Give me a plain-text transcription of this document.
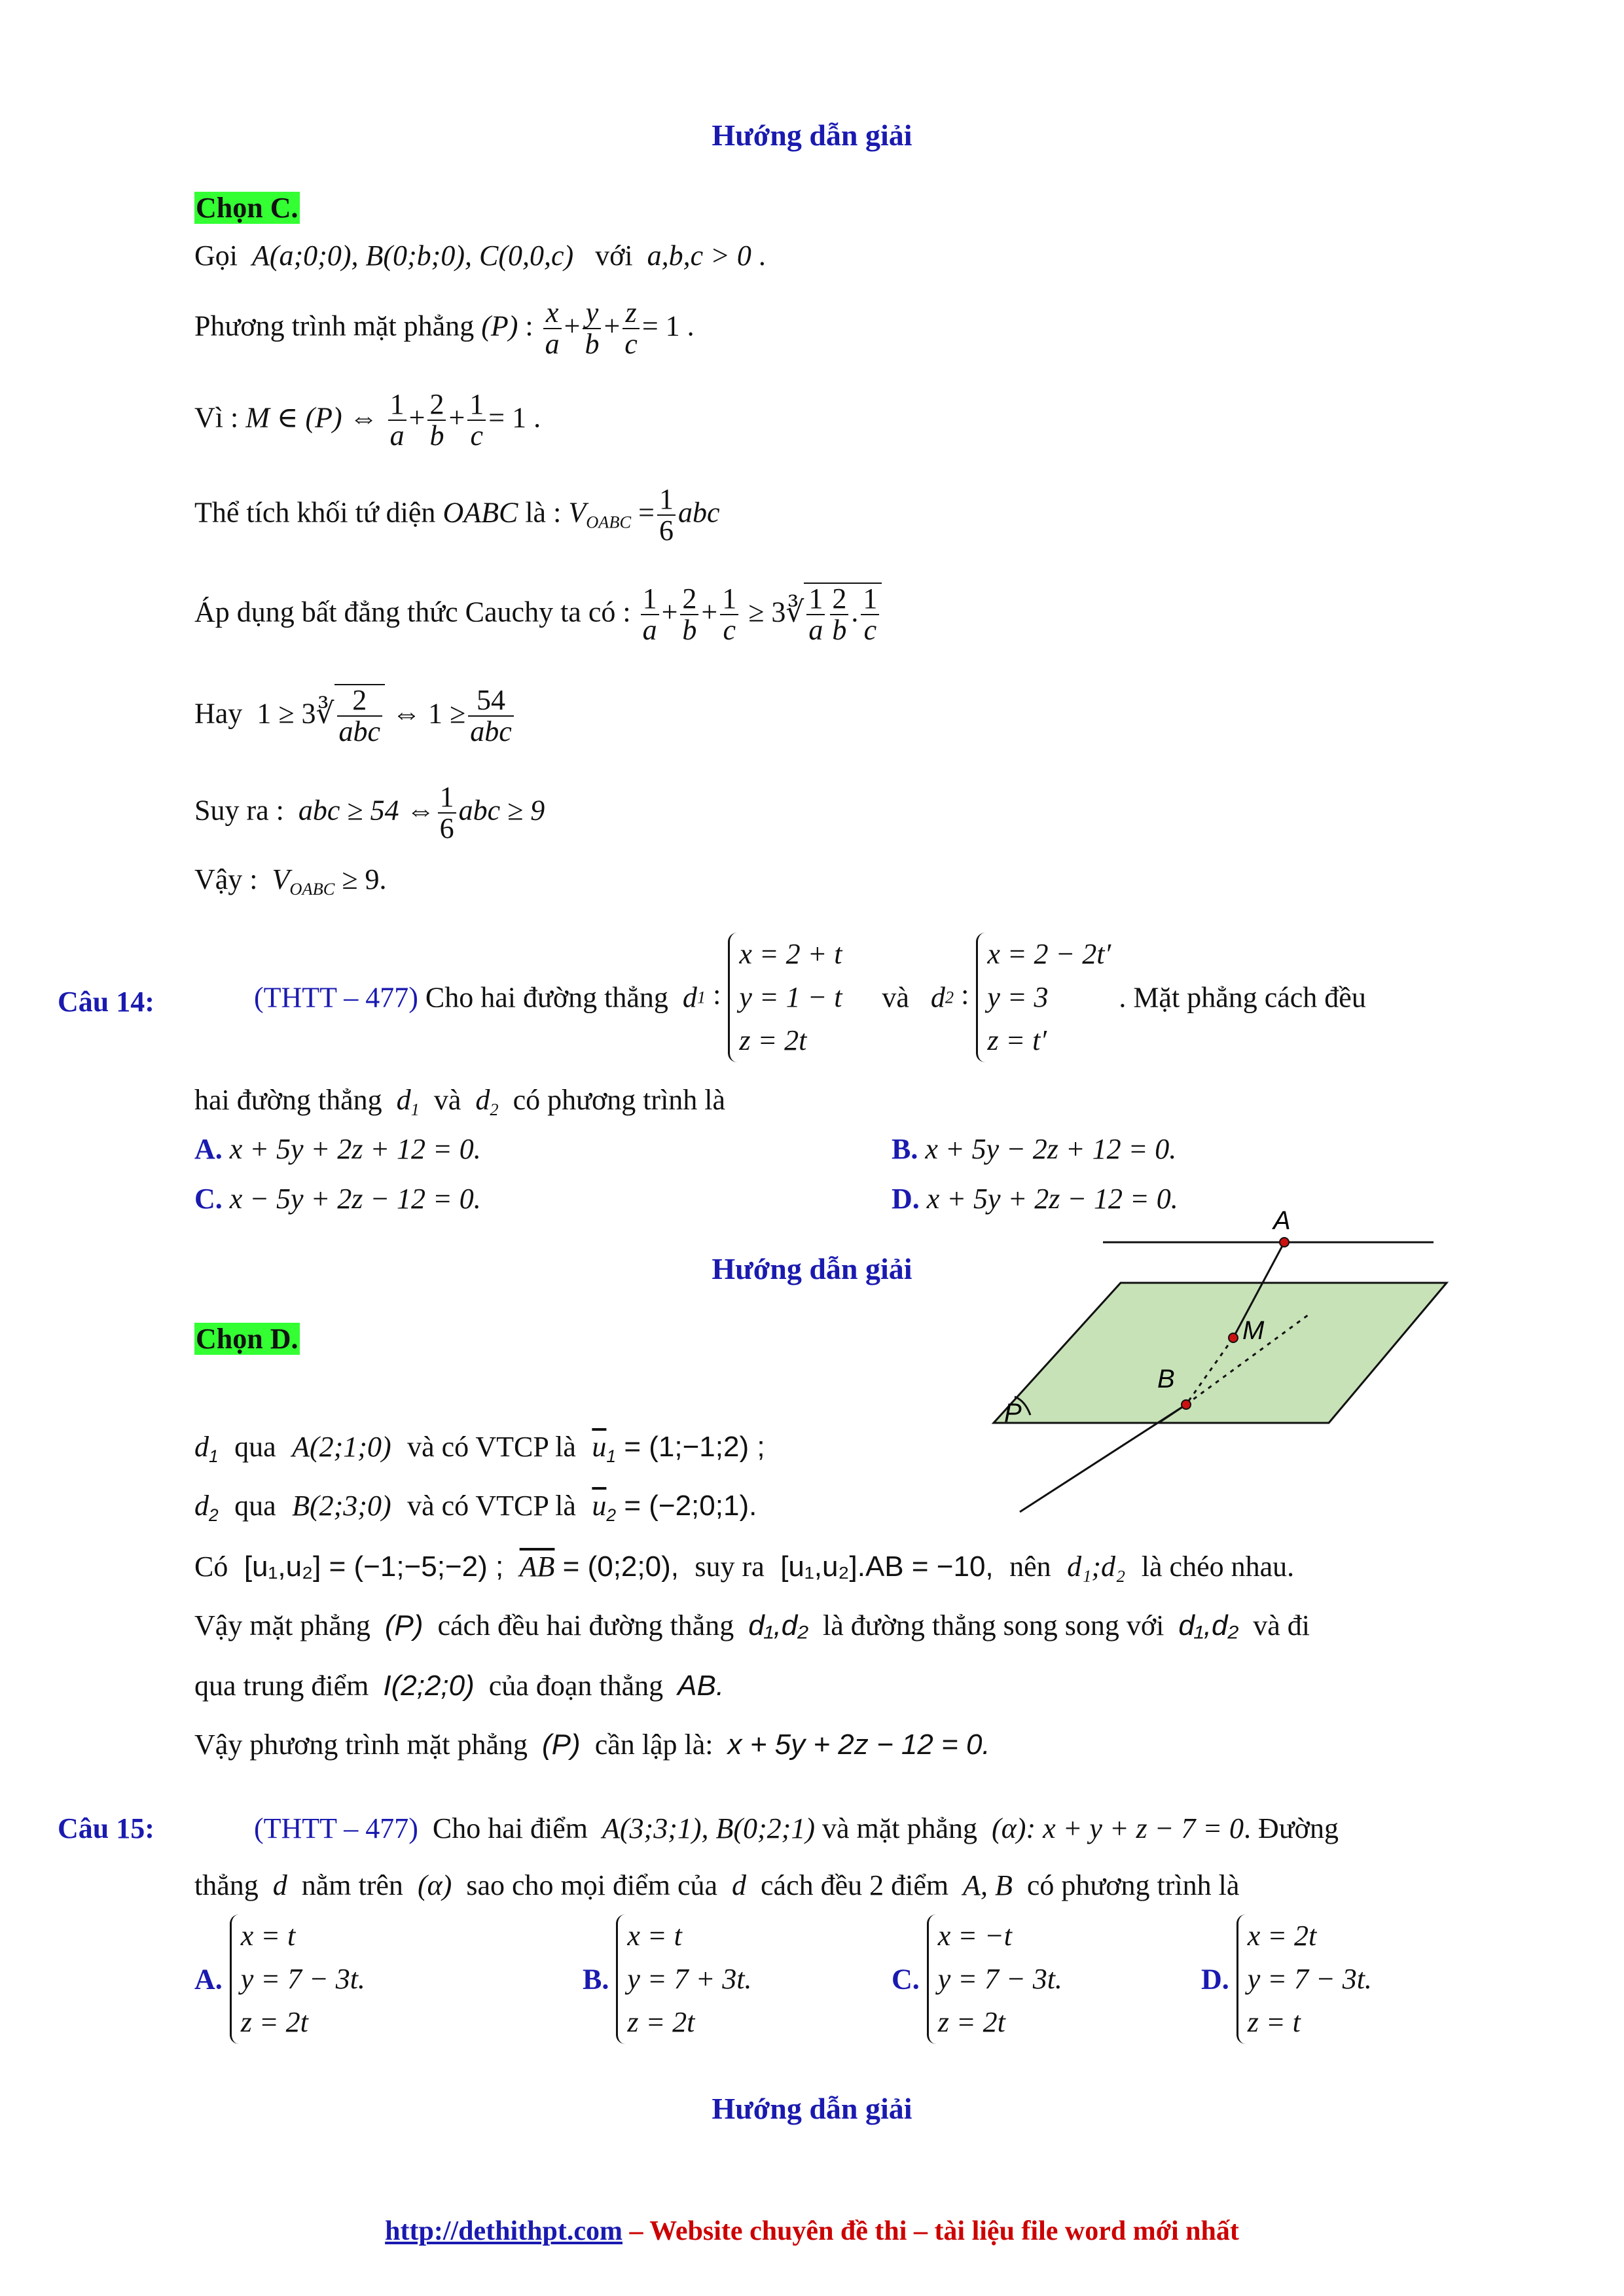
Hướng dẫn giải
Chọn C.
Gọi A(a;0;0), B(0;b;0), C(0,0,c) với a,b,c > 0 .
Phương trình mặt phẳng (P) : $\frac{x}{a} + \frac{y}{b} + \frac{z}{c} = 1$ .
Vì : M ∈ (P) ⇔ $\frac{1}{a} + \frac{2}{b} + \frac{1}{c} = 1$ .
Thể tích khối tứ diện OABC là : $V_{OABC} = \frac{1}{6}$ abc
Áp dụng bất đẳng thức Cauchy ta có : $\frac{1}{a} + \frac{2}{b} + \frac{1}{c}$ ≥ 3∛ $\frac{1}{a} \frac{2}{b}$ . $\frac{1}{c}$
Hay 1 ≥ 3∛ $\frac{2}{\text{abc}}$ ⇔ $1 \ge \frac{54}{\text{abc}}$
Suy ra : abc ≥ 54 ⇔ $\frac{1}{6}$ abc ≥ 9
Vậy : $V_{OABC} \ge 9$.
Câu 14:	(THTT – 477) Cho hai đường thẳng d1 :
x = 2 + t
y = 1 − t
z = 2t
và d2 :
x = 2 − 2t′
y = 3
z = t′
. Mặt phẳng cách đều
hai đường thẳng $d_1$ và $d_2$ có phương trình là
A. x + 5y + 2z + 12 = 0.	B. x + 5y − 2z + 12 = 0.
C. x − 5y + 2z − 12 = 0.	D. x + 5y + 2z − 12 = 0.
Hướng dẫn giải
Chọn D.
A
M
B
P
$d_1$ qua A(2;1;0) và có VTCP là $\overline{u}_1$ = (1;−1;2) ;
$d_2$ qua B(2;3;0) và có VTCP là $\overline{u}_2$ = (−2;0;1).
Có [u₁,u₂] = (−1;−5;−2) ; $\overline{AB}$ = (0;2;0), suy ra [u₁,u₂].AB = −10, nên d₁;d₂ là chéo nhau.
Vậy mặt phẳng (P) cách đều hai đường thẳng d₁,d₂ là đường thẳng song song với d₁,d₂ và đi
qua trung điểm I(2;2;0) của đoạn thẳng AB.
Vậy phương trình mặt phẳng (P) cần lập là: x + 5y + 2z − 12 = 0.
Câu 15:	(THTT – 477) Cho hai điểm A(3;3;1), B(0;2;1) và mặt phẳng (α): x + y + z − 7 = 0. Đường
thẳng d nằm trên (α) sao cho mọi điểm của d cách đều 2 điểm A, B có phương trình là
A.
x = t
y = 7 − 3t.
z = 2t
B.
x = t
y = 7 + 3t.
z = 2t
C.
x = −t
y = 7 − 3t.
z = 2t
D.
x = 2t
y = 7 − 3t.
z = t
Hướng dẫn giải
http://dethithpt.com – Website chuyên đề thi – tài liệu file word mới nhất
